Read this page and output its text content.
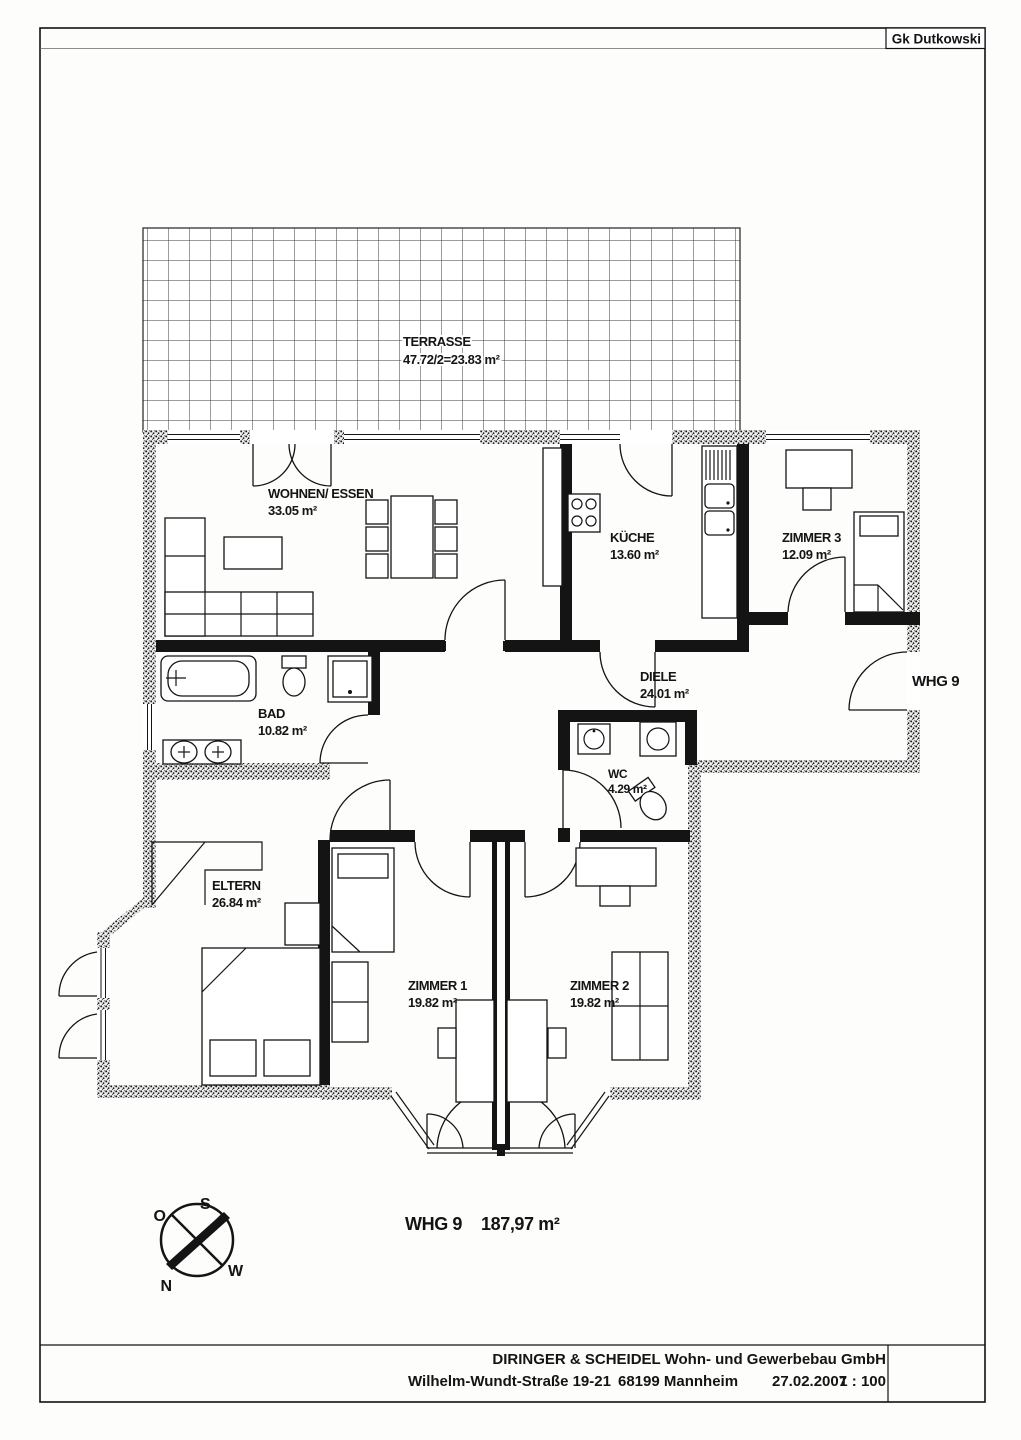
Gk Dutkowski
TERRASSE
47.72/2=23.83 m²
WOHNEN/ ESSEN
33.05 m²
KÜCHE
13.60 m²
ZIMMER 3
12.09 m²
DIELE
24.01 m²
BAD
10.82 m²
WC
4.29 m²
ELTERN
26.84 m²
ZIMMER 1
19.82 m²
ZIMMER 2
19.82 m²
WHG 9
WHG 9 187,97 m²
S
O
W
N
DIRINGER & SCHEIDEL Wohn- und Gewerbebau GmbH
Wilhelm-Wundt-Straße 19-21 68199 Mannheim 27.02.2007
1 : 100
